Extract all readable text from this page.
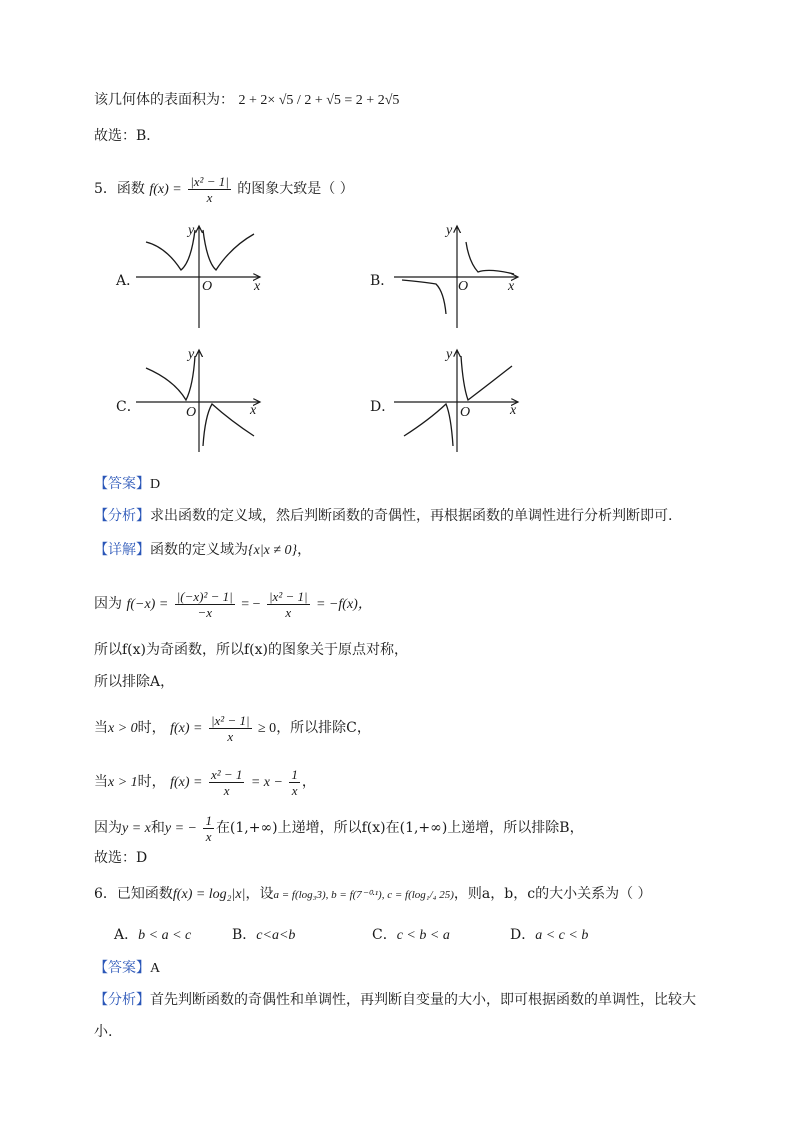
该几何体的表面积为： 2 + 2× √5 / 2 + √5 = 2 + 2√5
故选：B．
5．函数 $f(x) = \frac{\text{|x² − 1|}}{x}$ 的图象大致是（ ）
A．	B．
C．	D．
y
x
O
y
x
O
y
x
O
y
x
O
【答案】D
【分析】求出函数的定义域，然后判断函数的奇偶性，再根据函数的单调性进行分析判断即可.
【详解】函数的定义域为{x|x ≠ 0}，
因为 $f(-x) = \frac{\text{|(−x)² − 1|}}{-x}$ = − $\frac{\text{|x² − 1|}}{x} = -f(x)$，
所以f(x)为奇函数，所以f(x)的图象关于原点对称，
所以排除A，
当x > 0时， $f(x) = \frac{\text{|x² − 1|}}{x} \ge 0$，所以排除C，
当x > 1时， $f(x) = \frac{\text{x² − 1}}{x} = x - \frac{1}{x}$ ，
因为y = x和y = − $\frac{1}{x}$ 在(1,+∞)上递增，所以f(x)在(1,+∞)上递增，所以排除B，
故选：D
6．已知函数f(x) = log₂|x|，设a = f(log₃3), b = f(7⁻⁰·¹), c = f(log₁/₄ 25)，则a，b，c的大小关系为（ ）
A．b < a < c	B．c<a<b	C．c < b < a	D．a < c < b
【答案】A
【分析】首先判断函数的奇偶性和单调性，再判断自变量的大小，即可根据函数的单调性，比较大
小.
